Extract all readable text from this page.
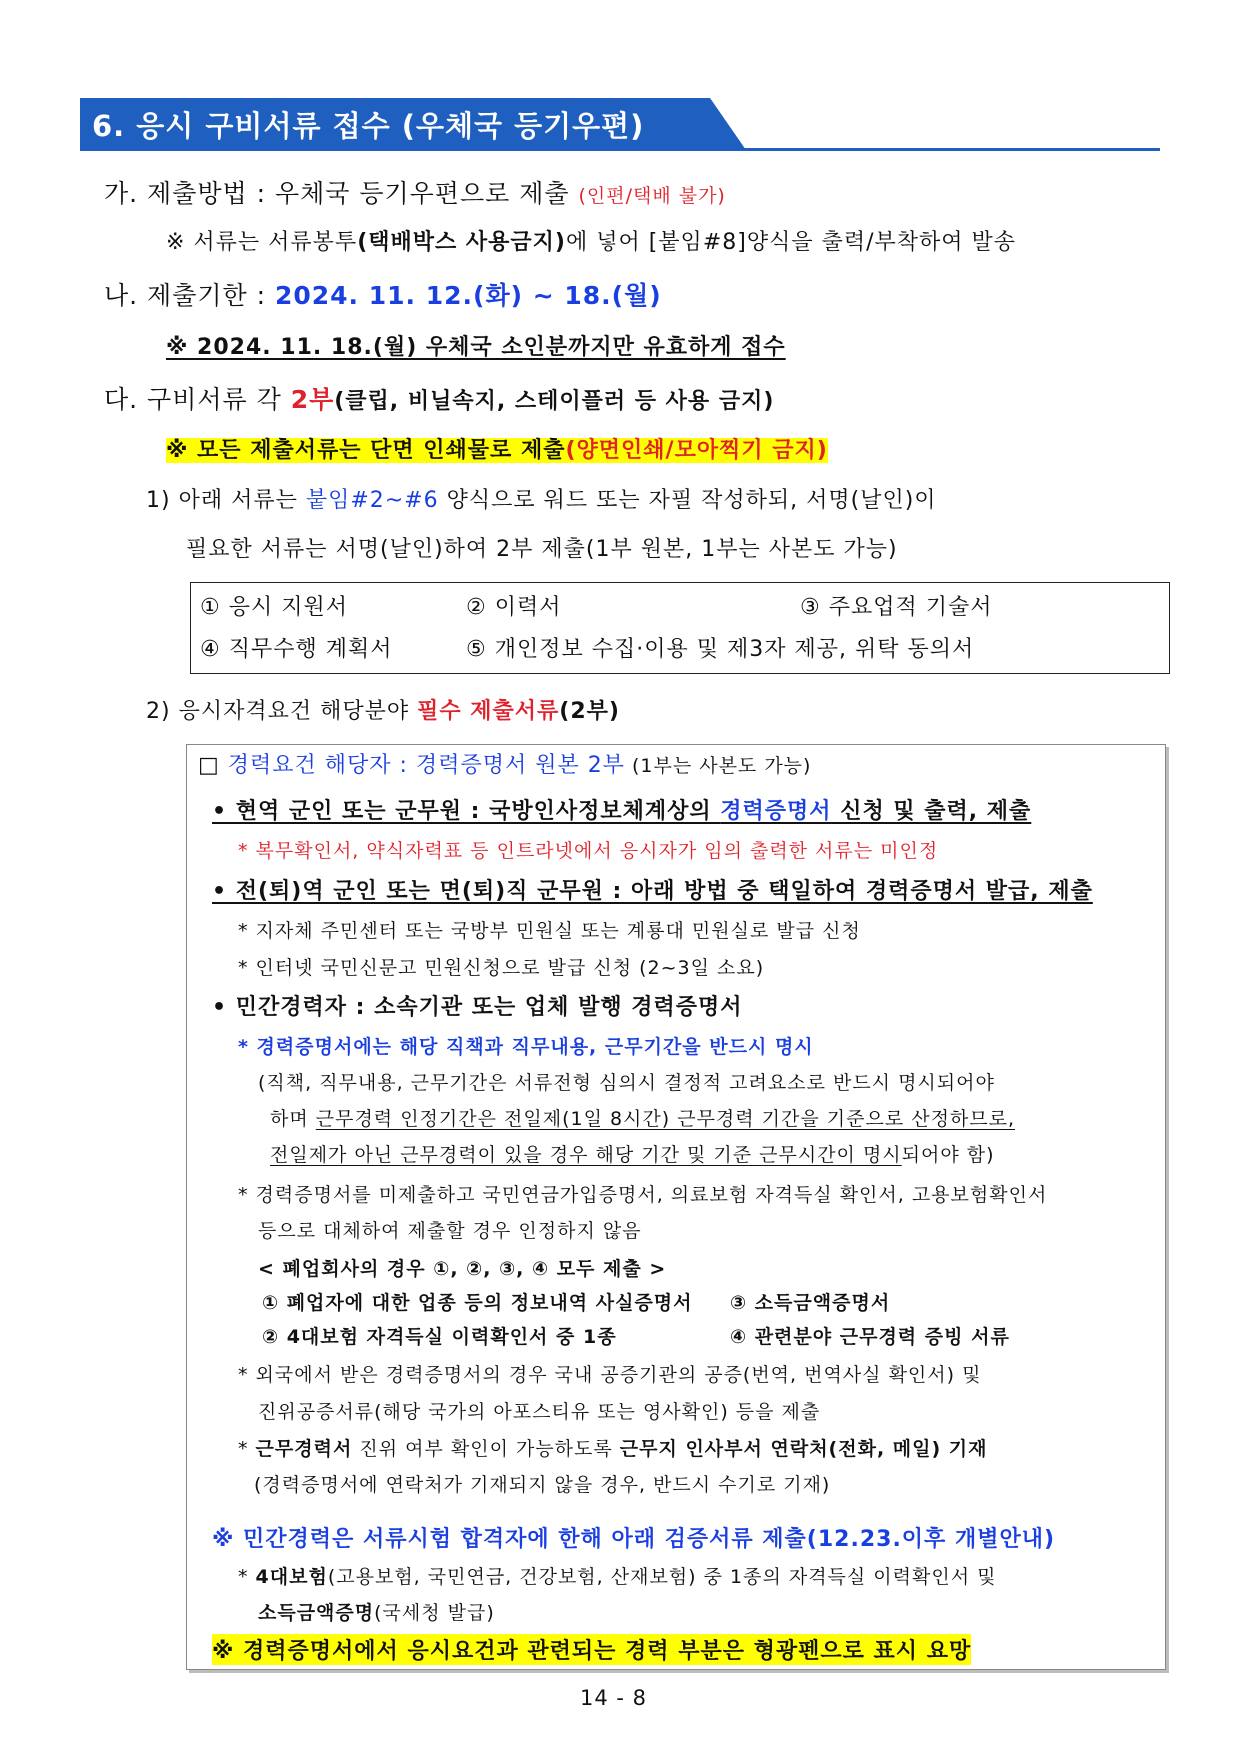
6. 응시 구비서류 접수 (우체국 등기우편)
가. 제출방법 : 우체국 등기우편으로 제출 (인편/택배 불가)
※ 서류는 서류봉투(택배박스 사용금지)에 넣어 [붙임#8]양식을 출력/부착하여 발송
나. 제출기한 : 2024. 11. 12.(화) ~ 18.(월)
※ 2024. 11. 18.(월) 우체국 소인분까지만 유효하게 접수
다. 구비서류 각 2부(클립, 비닐속지, 스테이플러 등 사용 금지)
※ 모든 제출서류는 단면 인쇄물로 제출(양면인쇄/모아찍기 금지)
1) 아래 서류는 붙임#2~#6 양식으로 워드 또는 자필 작성하되, 서명(날인)이
필요한 서류는 서명(날인)하여 2부 제출(1부 원본, 1부는 사본도 가능)
① 응시 지원서	② 이력서	③ 주요업적 기술서
④ 직무수행 계획서	⑤ 개인정보 수집·이용 및 제3자 제공, 위탁 동의서
2) 응시자격요건 해당분야 필수 제출서류(2부)
□ 경력요건 해당자 : 경력증명서 원본 2부 (1부는 사본도 가능)
• 현역 군인 또는 군무원 : 국방인사정보체계상의 경력증명서 신청 및 출력, 제출
* 복무확인서, 약식자력표 등 인트라넷에서 응시자가 임의 출력한 서류는 미인정
• 전(퇴)역 군인 또는 면(퇴)직 군무원 : 아래 방법 중 택일하여 경력증명서 발급, 제출
* 지자체 주민센터 또는 국방부 민원실 또는 계룡대 민원실로 발급 신청
* 인터넷 국민신문고 민원신청으로 발급 신청 (2~3일 소요)
• 민간경력자 : 소속기관 또는 업체 발행 경력증명서
* 경력증명서에는 해당 직책과 직무내용, 근무기간을 반드시 명시
(직책, 직무내용, 근무기간은 서류전형 심의시 결정적 고려요소로 반드시 명시되어야
하며 근무경력 인정기간은 전일제(1일 8시간) 근무경력 기간을 기준으로 산정하므로,
전일제가 아닌 근무경력이 있을 경우 해당 기간 및 기준 근무시간이 명시되어야 함)
* 경력증명서를 미제출하고 국민연금가입증명서, 의료보험 자격득실 확인서, 고용보험확인서
등으로 대체하여 제출할 경우 인정하지 않음
< 폐업회사의 경우 ①, ②, ③, ④ 모두 제출 >
① 폐업자에 대한 업종 등의 정보내역 사실증명서 ③ 소득금액증명서
② 4대보험 자격득실 이력확인서 중 1종	④ 관련분야 근무경력 증빙 서류
* 외국에서 받은 경력증명서의 경우 국내 공증기관의 공증(번역, 번역사실 확인서) 및
진위공증서류(해당 국가의 아포스티유 또는 영사확인) 등을 제출
* 근무경력서 진위 여부 확인이 가능하도록 근무지 인사부서 연락처(전화, 메일) 기재
(경력증명서에 연락처가 기재되지 않을 경우, 반드시 수기로 기재)
※ 민간경력은 서류시험 합격자에 한해 아래 검증서류 제출(12.23.이후 개별안내)
* 4대보험(고용보험, 국민연금, 건강보험, 산재보험) 중 1종의 자격득실 이력확인서 및
소득금액증명(국세청 발급)
※ 경력증명서에서 응시요건과 관련되는 경력 부분은 형광펜으로 표시 요망
14 - 8
